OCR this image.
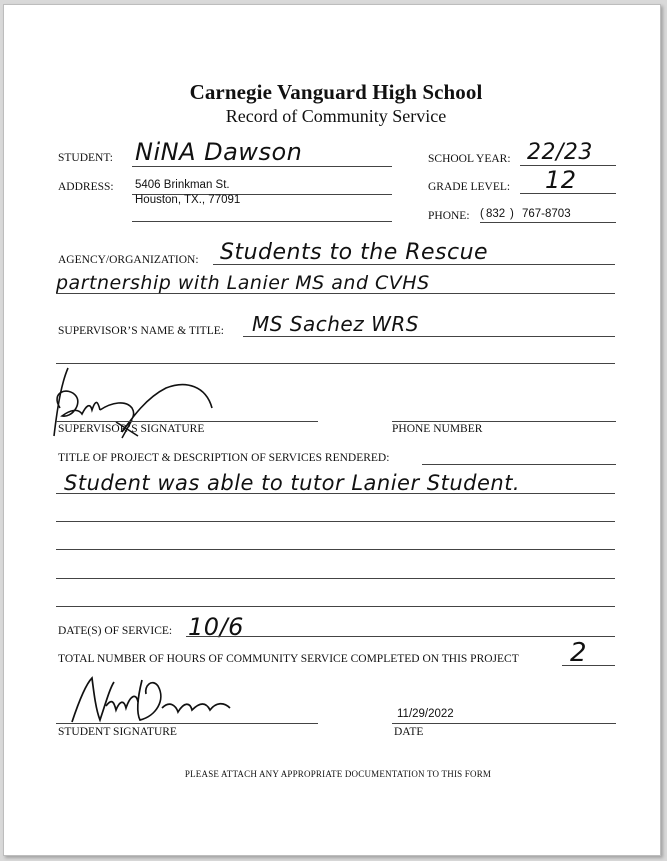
Carnegie Vanguard High School
Record of Community Service
STUDENT: NiNA Dawson	SCHOOL YEAR: 22/23
ADDRESS: 5406 Brinkman St.
Houston, TX., 77091
GRADE LEVEL: 12
PHONE: ( 832 ) 767-8703
AGENCY/ORGANIZATION: Students to the Rescue
partnership with Lanier MS and CVHS
SUPERVISOR’S NAME & TITLE: MS Sachez WRS
SUPERVISOR’S SIGNATURE	PHONE NUMBER
TITLE OF PROJECT & DESCRIPTION OF SERVICES RENDERED:
Student was able to tutor Lanier Student.
DATE(S) OF SERVICE: 10/6
TOTAL NUMBER OF HOURS OF COMMUNITY SERVICE COMPLETED ON THIS PROJECT 2
STUDENT SIGNATURE
11/29/2022
DATE
PLEASE ATTACH ANY APPROPRIATE DOCUMENTATION TO THIS FORM
